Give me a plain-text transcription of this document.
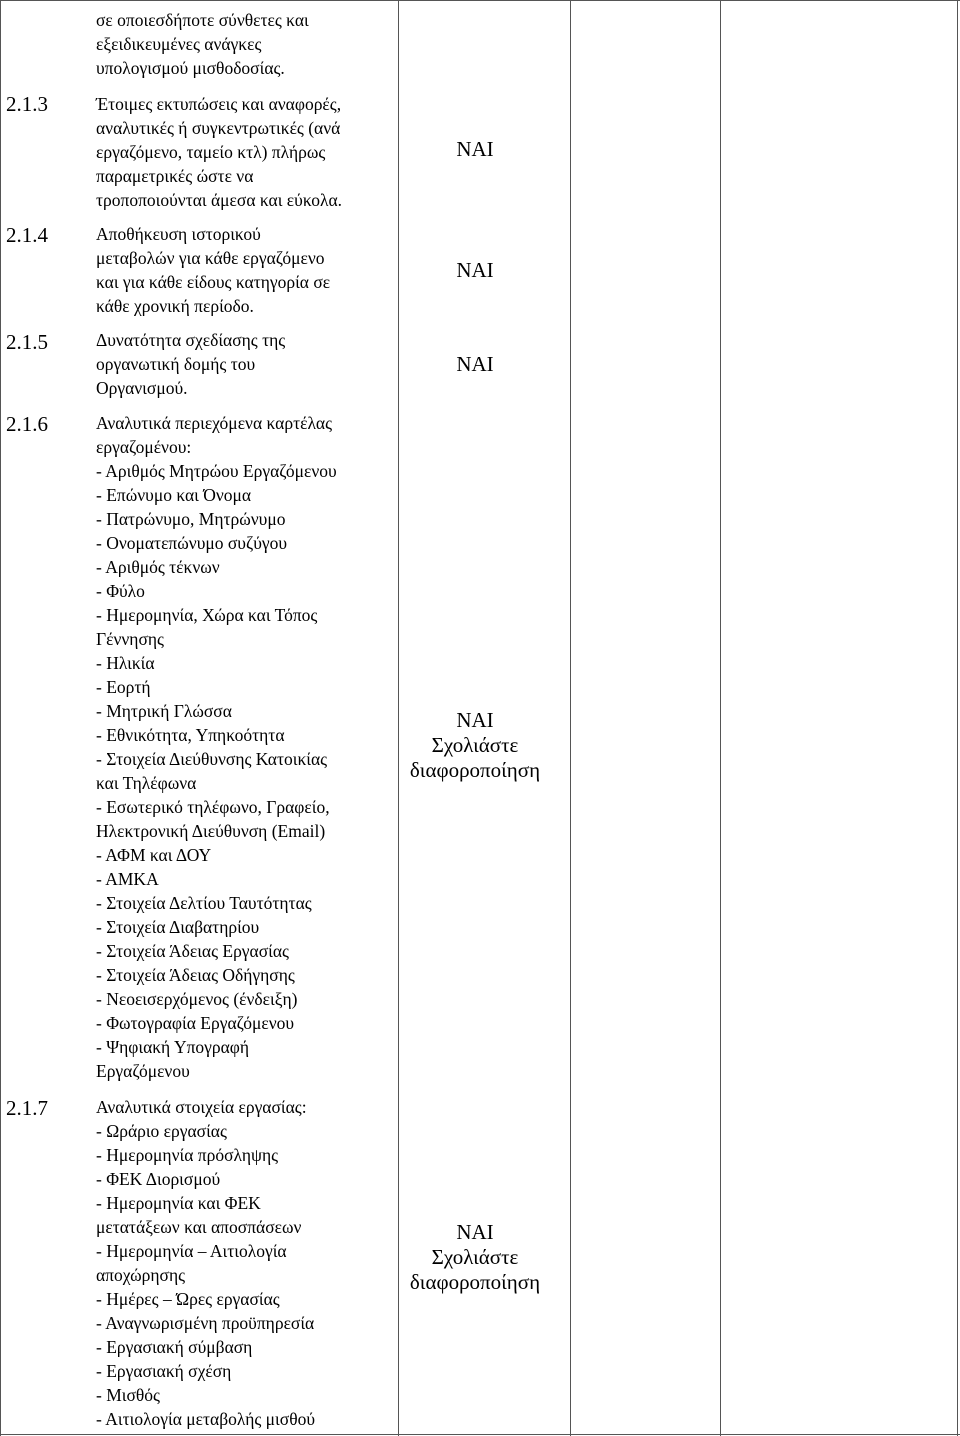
σε οποιεσδήποτε σύνθετες και
εξειδικευμένες ανάγκες
υπολογισμού μισθοδοσίας.
2.1.3	Έτοιμες εκτυπώσεις και αναφορές,
αναλυτικές ή συγκεντρωτικές (ανά
εργαζόμενο, ταμείο κτλ) πλήρως
παραμετρικές ώστε να
τροποποιούνται άμεσα και εύκολα.
ΝΑΙ
2.1.4	Αποθήκευση ιστορικού
μεταβολών για κάθε εργαζόμενο
και για κάθε είδους κατηγορία σε
κάθε χρονική περίοδο.
ΝΑΙ
2.1.5	Δυνατότητα σχεδίασης της
οργανωτική δομής του
Οργανισμού.
ΝΑΙ
2.1.6	Αναλυτικά περιεχόμενα καρτέλας
εργαζομένου:
- Αριθμός Μητρώου Εργαζόμενου
- Επώνυμο και Όνομα
- Πατρώνυμο, Μητρώνυμο
- Ονοματεπώνυμο συζύγου
- Αριθμός τέκνων
- Φύλο
- Ημερομηνία, Χώρα και Τόπος
Γέννησης
- Ηλικία
- Εορτή
- Μητρική Γλώσσα
- Εθνικότητα, Υπηκοότητα
- Στοιχεία Διεύθυνσης Κατοικίας
και Τηλέφωνα
- Εσωτερικό τηλέφωνο, Γραφείο,
Ηλεκτρονική Διεύθυνση (Email)
- ΑΦΜ και ΔΟΥ
- ΑΜΚΑ
- Στοιχεία Δελτίου Ταυτότητας
- Στοιχεία Διαβατηρίου
- Στοιχεία Άδειας Εργασίας
- Στοιχεία Άδειας Οδήγησης
- Νεοεισερχόμενος (ένδειξη)
- Φωτογραφία Εργαζόμενου
- Ψηφιακή Υπογραφή
Εργαζόμενου
ΝΑΙ
Σχολιάστε
διαφοροποίηση
2.1.7	Αναλυτικά στοιχεία εργασίας:
- Ωράριο εργασίας
- Ημερομηνία πρόσληψης
- ΦΕΚ Διορισμού
- Ημερομηνία και ΦΕΚ
μετατάξεων και αποσπάσεων
- Ημερομηνία – Αιτιολογία
αποχώρησης
- Ημέρες – Ώρες εργασίας
- Αναγνωρισμένη προϋπηρεσία
- Εργασιακή σύμβαση
- Εργασιακή σχέση
- Μισθός
- Αιτιολογία μεταβολής μισθού
ΝΑΙ
Σχολιάστε
διαφοροποίηση
